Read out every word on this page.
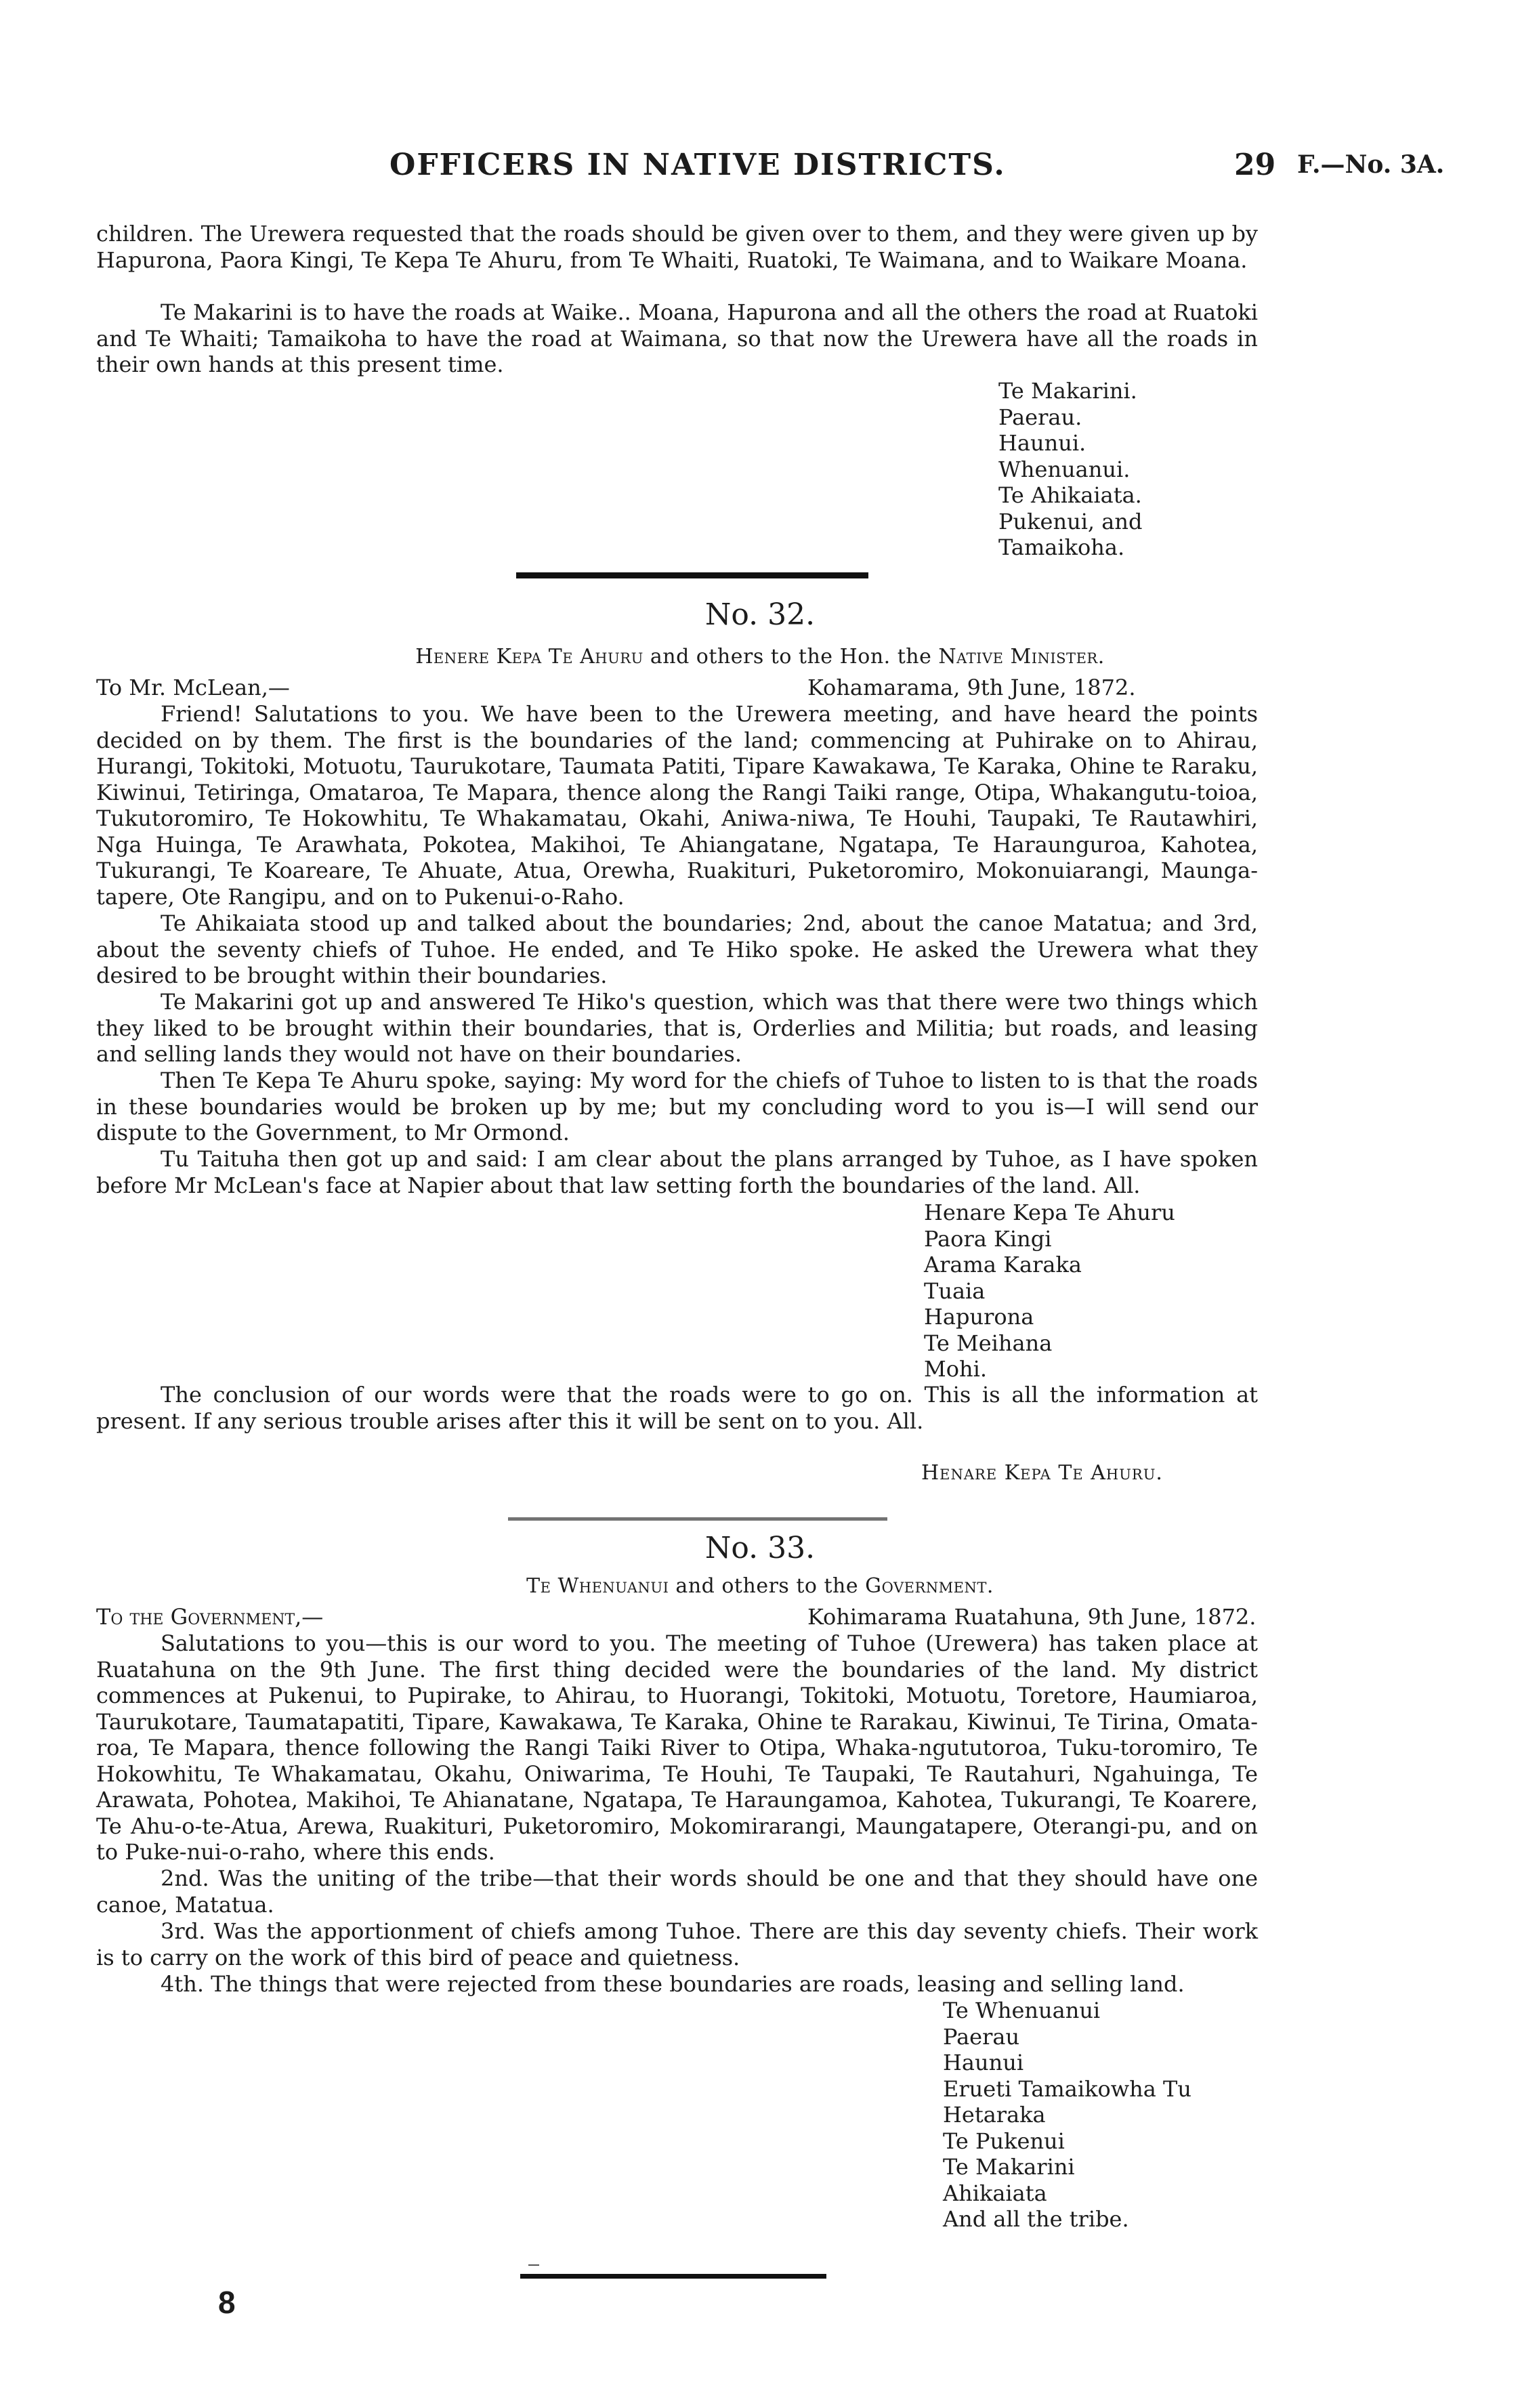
OFFICERS IN NATIVE DISTRICTS.	29 F.—No. 3A.

children. The Urewera requested that the roads should be given over to them, and they were given up by Hapurona, Paora Kingi, Te Kepa Te Ahuru, from Te Whaiti, Ruatoki, Te Waimana, and to Waikare Moana.

Te Makarini is to have the roads at Waike.. Moana, Hapurona and all the others the road at Ruatoki and Te Whaiti; Tamaikoha to have the road at Waimana, so that now the Urewera have all the roads in their own hands at this present time.

Te Makarini.
Paerau.
Haunui.
Whenuanui.
Te Ahikaiata.
Pukenui, and
Tamaikoha.
No. 32.
Henere Kepa Te Ahuru and others to the Hon. the Native Minister.
To Mr. McLean,—	Kohamarama, 9th June, 1872.

Friend! Salutations to you. We have been to the Urewera meeting, and have heard the points decided on by them. The first is the boundaries of the land; commencing at Puhirake on to Ahirau, Hurangi, Tokitoki, Motuotu, Taurukotare, Taumata Patiti, Tipare Kawakawa, Te Karaka, Ohine te Raraku, Kiwinui, Tetiringa, Omataroa, Te Mapara, thence along the Rangi Taiki range, Otipa, Whakangutu-toioa, Tukutoromiro, Te Hokowhitu, Te Whakamatau, Okahi, Aniwa-niwa, Te Houhi, Taupaki, Te Rautawhiri, Nga Huinga, Te Arawhata, Pokotea, Makihoi, Te Ahiangatane, Ngatapa, Te Haraunguroa, Kahotea, Tukurangi, Te Koareare, Te Ahuate, Atua, Orewha, Ruakituri, Puketoromiro, Mokonuiarangi, Maunga-tapere, Ote Rangipu, and on to Pukenui-o-Raho.

Te Ahikaiata stood up and talked about the boundaries; 2nd, about the canoe Matatua; and 3rd, about the seventy chiefs of Tuhoe. He ended, and Te Hiko spoke. He asked the Urewera what they desired to be brought within their boundaries.

Te Makarini got up and answered Te Hiko's question, which was that there were two things which they liked to be brought within their boundaries, that is, Orderlies and Militia; but roads, and leasing and selling lands they would not have on their boundaries.

Then Te Kepa Te Ahuru spoke, saying: My word for the chiefs of Tuhoe to listen to is that the roads in these boundaries would be broken up by me; but my concluding word to you is—I will send our dispute to the Government, to Mr Ormond.

Tu Taituha then got up and said: I am clear about the plans arranged by Tuhoe, as I have spoken before Mr McLean's face at Napier about that law setting forth the boundaries of the land. All.

Henare Kepa Te Ahuru
Paora Kingi
Arama Karaka
Tuaia
Hapurona
Te Meihana
Mohi.

The conclusion of our words were that the roads were to go on. This is all the information at present. If any serious trouble arises after this it will be sent on to you. All.

Henare Kepa Te Ahuru.
No. 33.
Te Whenuanui and others to the Government.
To the Government,—	Kohimarama Ruatahuna, 9th June, 1872.

Salutations to you—this is our word to you. The meeting of Tuhoe (Urewera) has taken place at Ruatahuna on the 9th June. The first thing decided were the boundaries of the land. My district commences at Pukenui, to Pupirake, to Ahirau, to Huorangi, Tokitoki, Motuotu, Toretore, Haumiaroa, Taurukotare, Taumatapatiti, Tipare, Kawakawa, Te Karaka, Ohine te Rarakau, Kiwinui, Te Tirina, Omata-roa, Te Mapara, thence following the Rangi Taiki River to Otipa, Whaka-ngututoroa, Tuku-toromiro, Te Hokowhitu, Te Whakamatau, Okahu, Oniwarima, Te Houhi, Te Taupaki, Te Rautahuri, Ngahuinga, Te Arawata, Pohotea, Makihoi, Te Ahianatane, Ngatapa, Te Haraungamoa, Kahotea, Tukurangi, Te Koarere, Te Ahu-o-te-Atua, Arewa, Ruakituri, Puketoromiro, Mokomirarangi, Maungatapere, Oterangi-pu, and on to Puke-nui-o-raho, where this ends.

2nd. Was the uniting of the tribe—that their words should be one and that they should have one canoe, Matatua.

3rd. Was the apportionment of chiefs among Tuhoe. There are this day seventy chiefs. Their work is to carry on the work of this bird of peace and quietness.

4th. The things that were rejected from these boundaries are roads, leasing and selling land.

Te Whenuanui
Paerau
Haunui
Erueti Tamaikowha Tu
Hetaraka
Te Pukenui
Te Makarini
Ahikaiata
And all the tribe.
8
